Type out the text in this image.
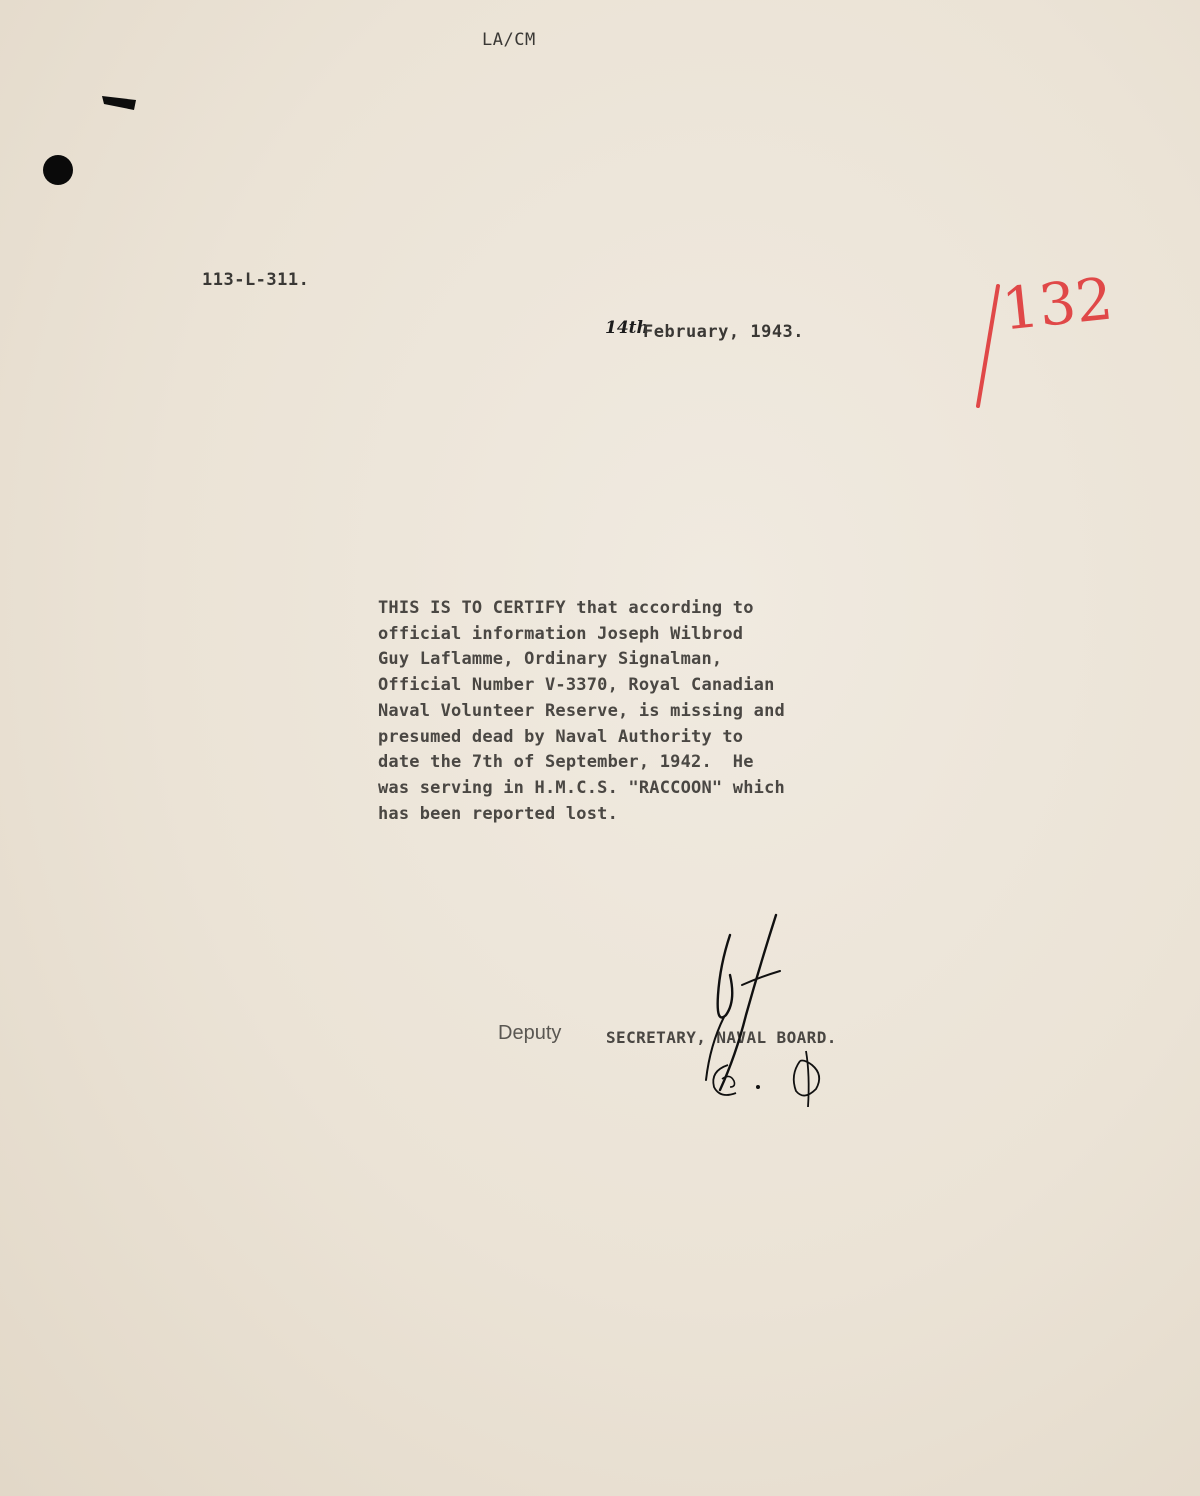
LA/CM
113-L-311.
14th
February, 1943.	132
THIS IS TO CERTIFY that according to
official information Joseph Wilbrod
Guy Laflamme, Ordinary Signalman,
Official Number V-3370, Royal Canadian
Naval Volunteer Reserve, is missing and
presumed dead by Naval Authority to
date the 7th of September, 1942.  He
was serving in H.M.C.S. "RACCOON" which
has been reported lost.
Deputy	SECRETARY, NAVAL BOARD.
